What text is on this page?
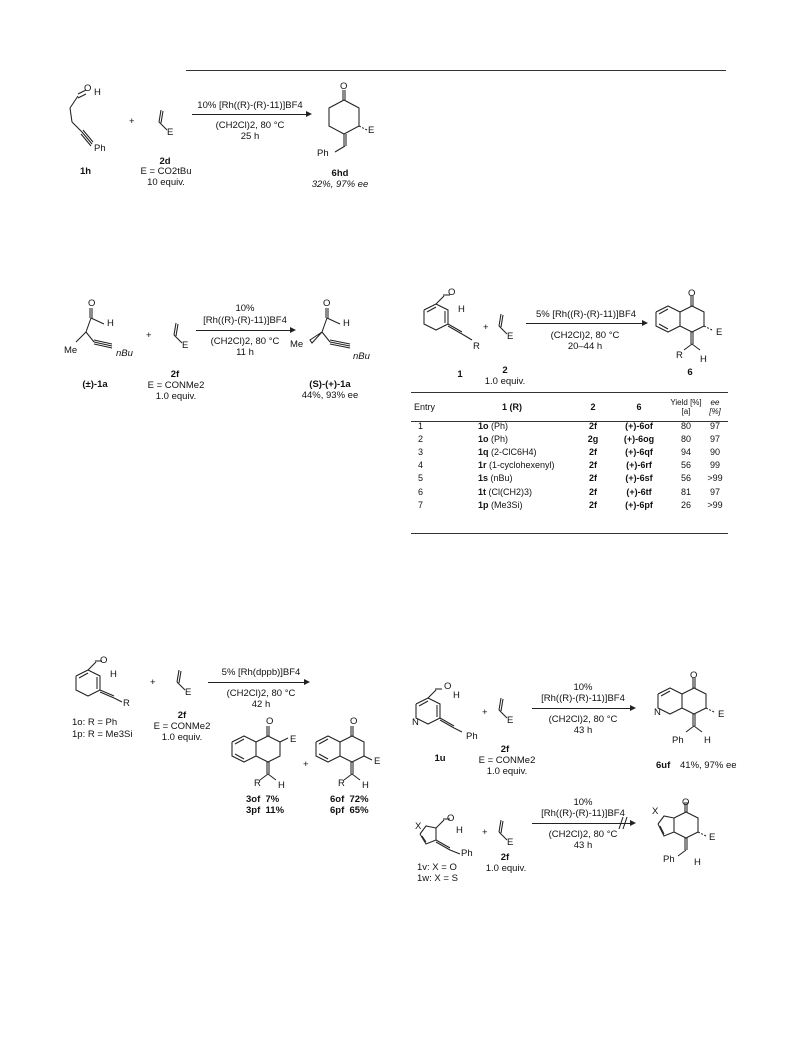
H
O
Ph
1h
+
E
2d
E = CO2tBu
10 equiv.
10% [Rh((R)-(R)-11)]BF4
(CH2Cl)2, 80 °C
25 h
O
E
Ph
6hd
32%, 97% ee
O
H
Me	nBu
(±)-1a
+
E
2f
E = CONMe2
1.0 equiv.
10%
[Rh((R)-(R)-11)]BF4
(CH2Cl)2, 80 °C
11 h
O
H
Me
nBu
(S)-(+)-1a
44%, 93% ee
O
H
R
1
+
E
2
1.0 equiv.
5% [Rh((R)-(R)-11)]BF4
(CH2Cl)2, 80 °C
20–44 h
O
E
R H
6
Entry	1 (R)	2	6	Yield [%][a]	ee [%]
1	1o (Ph)	2f	(+)-6of	80	97
2	1o (Ph)	2g	(+)-6og	80	97
3	1q (2-ClC6H4)	2f	(+)-6qf	94	90
4	1r (1-cyclohexenyl)	2f	(+)-6rf	56	99
5	1s (nBu)	2f	(+)-6sf	56	>99
6	1t (Cl(CH2)3)	2f	(+)-6tf	81	97
7	1p (Me3Si)	2f	(+)-6pf	26	>99
O
H
R
1o: R = Ph
1p: R = Me3Si
+
E
2f
E = CONMe2
1.0 equiv.
5% [Rh(dppb)]BF4
(CH2Cl)2, 80 °C
42 h
O
E
R H
3of  7%
3pf  11%
+
O
E
R H
6of  72%
6pf  65%
O
H
N
Ph
1u
+
E
2f
E = CONMe2
1.0 equiv.
10%
[Rh((R)-(R)-11)]BF4
(CH2Cl)2, 80 °C
43 h
O
N	E
Ph H
6uf 41%, 97% ee
X
O
H
Ph
1v: X = O
1w: X = S
+
E
2f
1.0 equiv.
10%
[Rh((R)-(R)-11)]BF4
(CH2Cl)2, 80 °C
43 h
X
O
E
Ph H
